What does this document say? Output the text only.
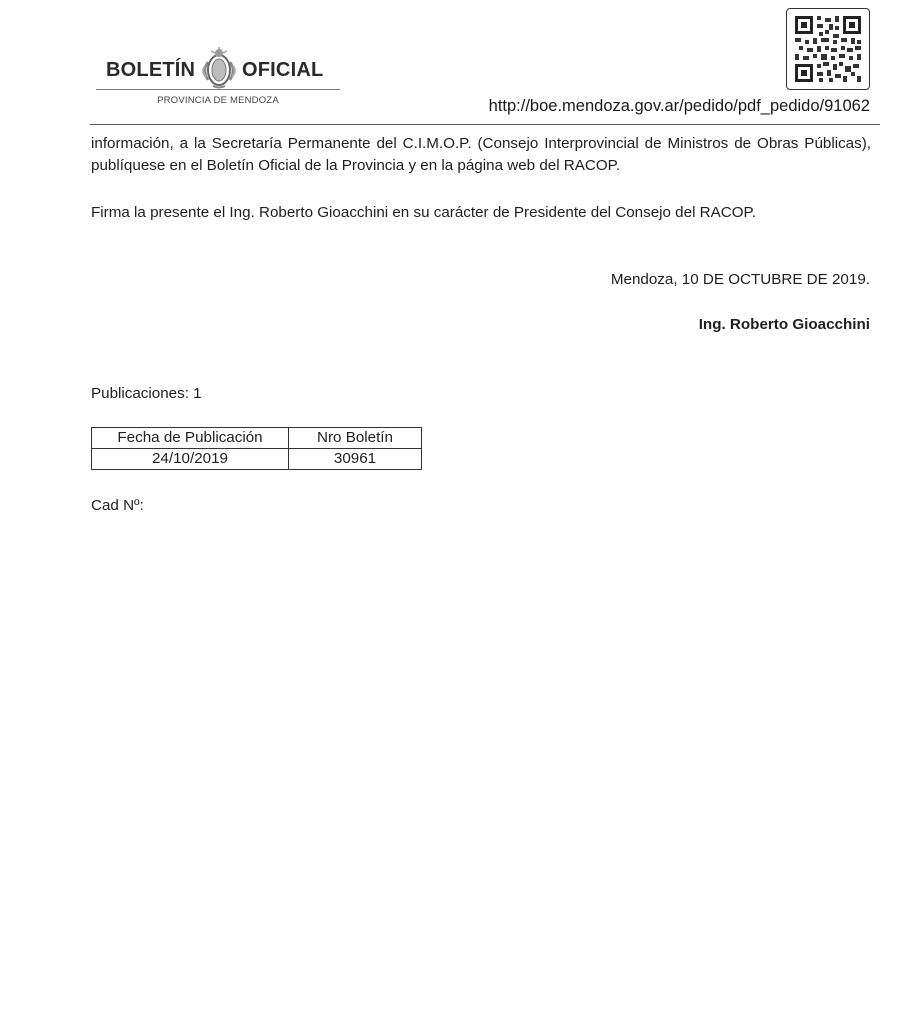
BOLETÍN OFICIAL
PROVINCIA DE MENDOZA	http://boe.mendoza.gov.ar/pedido/pdf_pedido/91062
información, a la Secretaría Permanente del C.I.M.O.P. (Consejo Interprovincial de Ministros de Obras Públicas), publíquese en el Boletín Oficial de la Provincia y en la página web del RACOP.
Firma la presente el Ing. Roberto Gioacchini en su carácter de Presidente del Consejo del RACOP.
Mendoza, 10 DE OCTUBRE DE 2019.
Ing. Roberto Gioacchini
Publicaciones: 1
Fecha de Publicación	Nro Boletín
24/10/2019	30961
Cad Nº:
